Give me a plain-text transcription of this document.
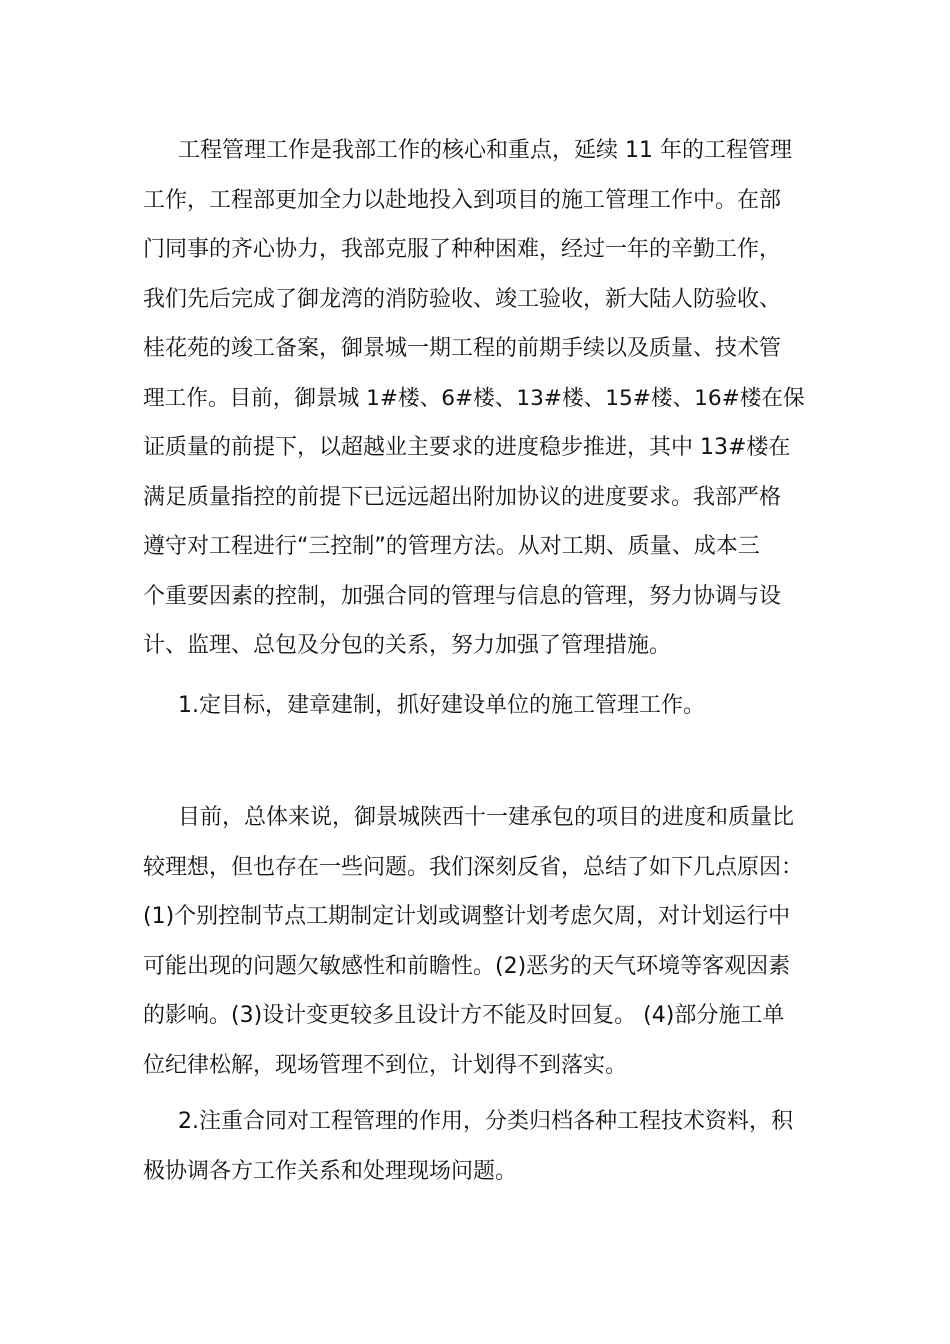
工程管理工作是我部工作的核心和重点，延续 11 年的工程管理
工作，工程部更加全力以赴地投入到项目的施工管理工作中。在部
门同事的齐心协力，我部克服了种种困难，经过一年的辛勤工作，
我们先后完成了御龙湾的消防验收、竣工验收，新大陆人防验收、
桂花苑的竣工备案，御景城一期工程的前期手续以及质量、技术管
理工作。目前，御景城 1#楼、6#楼、13#楼、15#楼、16#楼在保
证质量的前提下，以超越业主要求的进度稳步推进，其中 13#楼在
满足质量指控的前提下已远远超出附加协议的进度要求。我部严格
遵守对工程进行“三控制”的管理方法。从对工期、质量、成本三
个重要因素的控制，加强合同的管理与信息的管理，努力协调与设
计、监理、总包及分包的关系，努力加强了管理措施。
1.定目标，建章建制，抓好建设单位的施工管理工作。
目前，总体来说，御景城陕西十一建承包的项目的进度和质量比
较理想，但也存在一些问题。我们深刻反省，总结了如下几点原因：
(1)个别控制节点工期制定计划或调整计划考虑欠周，对计划运行中
可能出现的问题欠敏感性和前瞻性。(2)恶劣的天气环境等客观因素
的影响。(3)设计变更较多且设计方不能及时回复。 (4)部分施工单
位纪律松解，现场管理不到位，计划得不到落实。
2.注重合同对工程管理的作用，分类归档各种工程技术资料，积
极协调各方工作关系和处理现场问题。
